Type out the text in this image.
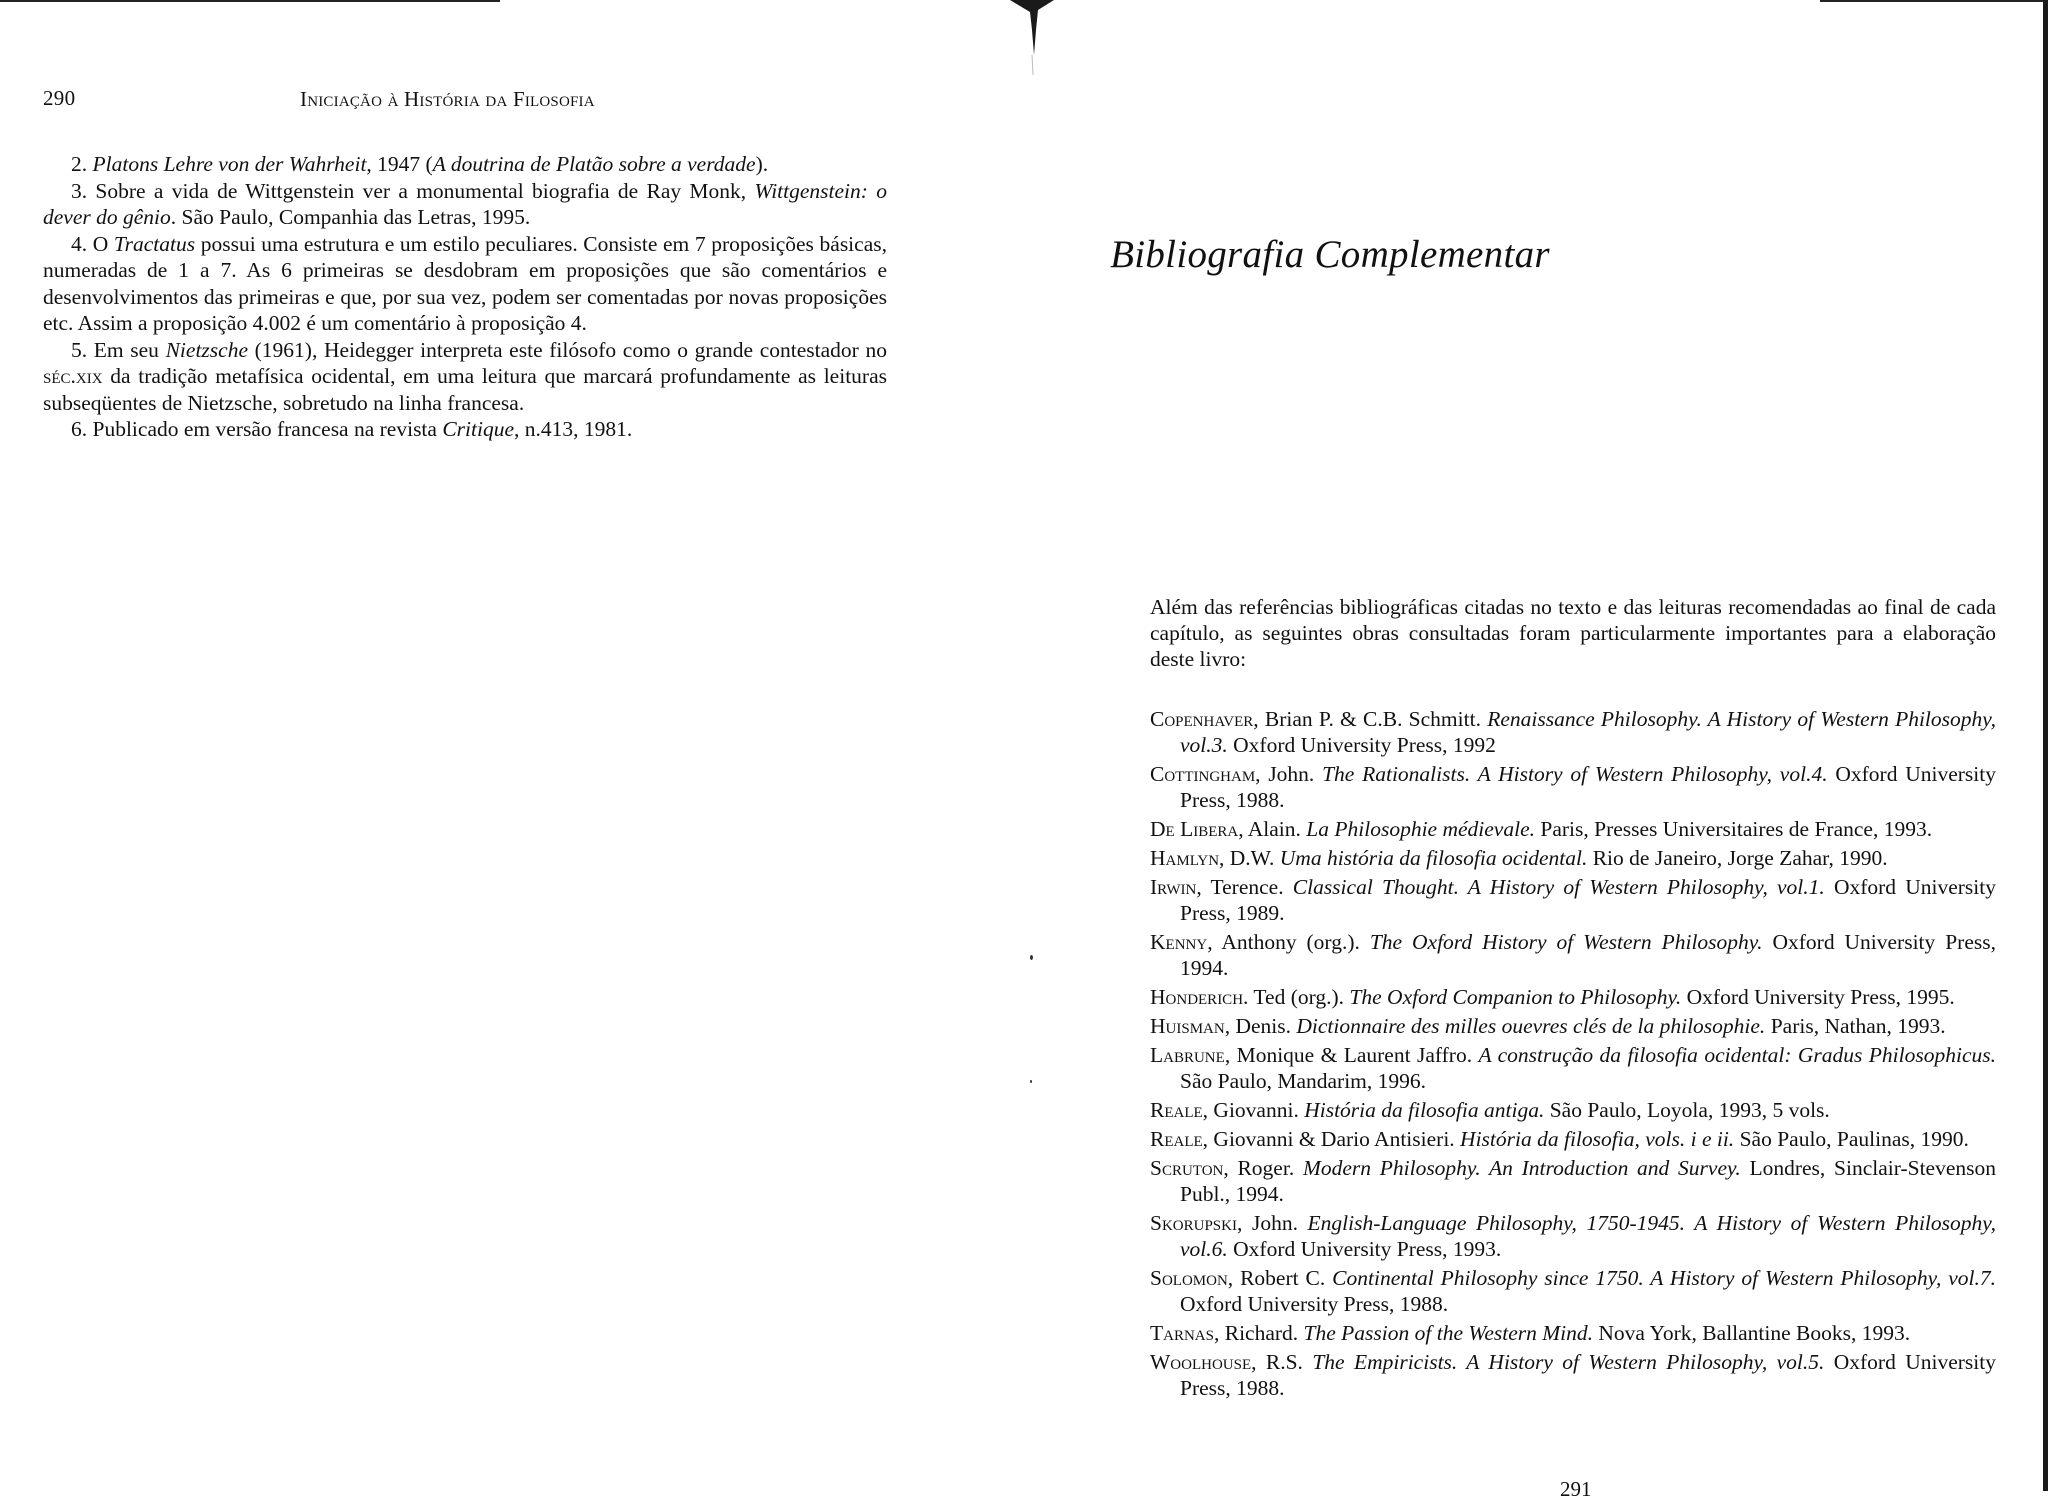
290	Iniciação à História da Filosofia

2. Platons Lehre von der Wahrheit, 1947 (A doutrina de Platão sobre a verdade).

3. Sobre a vida de Wittgenstein ver a monumental biografia de Ray Monk, Wittgenstein: o dever do gênio. São Paulo, Companhia das Letras, 1995.

4. O Tractatus possui uma estrutura e um estilo peculiares. Consiste em 7 proposições básicas, numeradas de 1 a 7. As 6 primeiras se desdobram em proposições que são comentários e desenvolvimentos das primeiras e que, por sua vez, podem ser comentadas por novas proposições etc. Assim a proposição 4.002 é um comentário à proposição 4.

5. Em seu Nietzsche (1961), Heidegger interpreta este filósofo como o grande contestador no séc.xix da tradição metafísica ocidental, em uma leitura que marcará profundamente as leituras subseqüentes de Nietzsche, sobretudo na linha francesa.

6. Publicado em versão francesa na revista Critique, n.413, 1981.

Bibliografia Complementar
Além das referências bibliográficas citadas no texto e das leituras recomendadas ao final de cada capítulo, as seguintes obras consultadas foram particularmente importantes para a elaboração deste livro:
Copenhaver, Brian P. & C.B. Schmitt. Renaissance Philosophy. A History of Western Philosophy, vol.3. Oxford University Press, 1992
Cottingham, John. The Rationalists. A History of Western Philosophy, vol.4. Oxford University Press, 1988.
De Libera, Alain. La Philosophie médievale. Paris, Presses Universitaires de France, 1993.
Hamlyn, D.W. Uma história da filosofia ocidental. Rio de Janeiro, Jorge Zahar, 1990.
Irwin, Terence. Classical Thought. A History of Western Philosophy, vol.1. Oxford University Press, 1989.
Kenny, Anthony (org.). The Oxford History of Western Philosophy. Oxford University Press, 1994.
Honderich. Ted (org.). The Oxford Companion to Philosophy. Oxford University Press, 1995.
Huisman, Denis. Dictionnaire des milles ouevres clés de la philosophie. Paris, Nathan, 1993.
Labrune, Monique & Laurent Jaffro. A construção da filosofia ocidental: Gradus Philosophicus. São Paulo, Mandarim, 1996.
Reale, Giovanni. História da filosofia antiga. São Paulo, Loyola, 1993, 5 vols.
Reale, Giovanni & Dario Antisieri. História da filosofia, vols. i e ii. São Paulo, Paulinas, 1990.
Scruton, Roger. Modern Philosophy. An Introduction and Survey. Londres, Sinclair-Stevenson Publ., 1994.
Skorupski, John. English-Language Philosophy, 1750-1945. A History of Western Philosophy, vol.6. Oxford University Press, 1993.
Solomon, Robert C. Continental Philosophy since 1750. A History of Western Philosophy, vol.7. Oxford University Press, 1988.
Tarnas, Richard. The Passion of the Western Mind. Nova York, Ballantine Books, 1993.
Woolhouse, R.S. The Empiricists. A History of Western Philosophy, vol.5. Oxford University Press, 1988.
291
